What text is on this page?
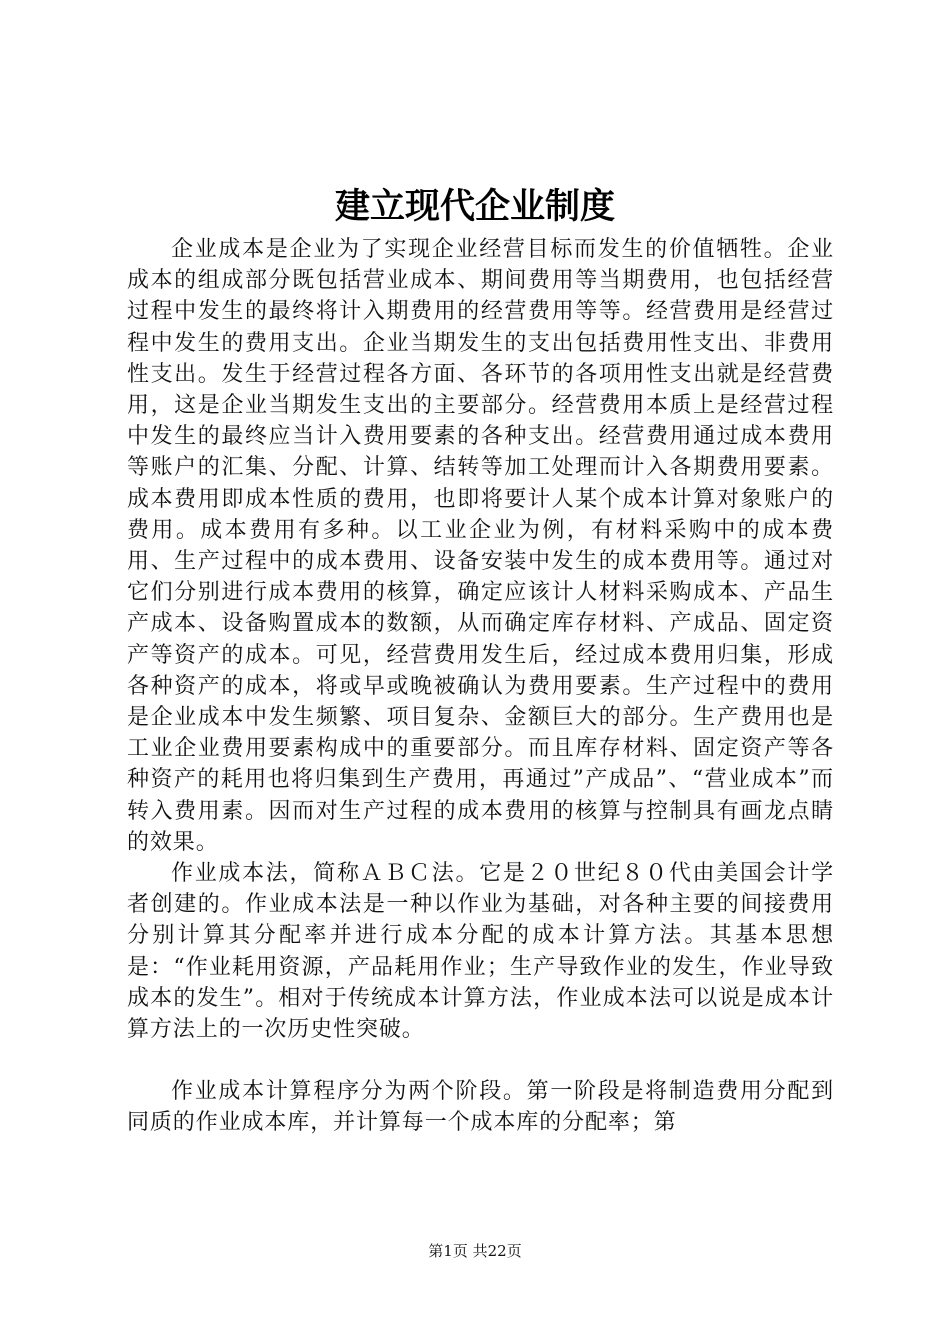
建立现代企业制度

企业成本是企业为了实现企业经营目标而发生的价值牺牲。企业成本的组成部分既包括营业成本、期间费用等当期费用，也包括经营过程中发生的最终将计入期费用的经营费用等等。经营费用是经营过程中发生的费用支出。企业当期发生的支出包括费用性支出、非费用性支出。发生于经营过程各方面、各环节的各项用性支出就是经营费用，这是企业当期发生支出的主要部分。经营费用本质上是经营过程中发生的最终应当计入费用要素的各种支出。经营费用通过成本费用等账户的汇集、分配、计算、结转等加工处理而计入各期费用要素。成本费用即成本性质的费用，也即将要计人某个成本计算对象账户的费用。成本费用有多种。以工业企业为例，有材料采购中的成本费用、生产过程中的成本费用、设备安装中发生的成本费用等。通过对它们分别进行成本费用的核算，确定应该计人材料采购成本、产品生产成本、设备购置成本的数额，从而确定库存材料、产成品、固定资产等资产的成本。可见，经营费用发生后，经过成本费用归集，形成各种资产的成本，将或早或晚被确认为费用要素。生产过程中的费用是企业成本中发生频繁、项目复杂、金额巨大的部分。生产费用也是工业企业费用要素构成中的重要部分。而且库存材料、固定资产等各种资产的耗用也将归集到生产费用，再通过”产成品”、“营业成本”而转入费用素。因而对生产过程的成本费用的核算与控制具有画龙点睛的效果。

作业成本法，简称ＡＢＣ法。它是２０世纪８０代由美国会计学者创建的。作业成本法是一种以作业为基础，对各种主要的间接费用分别计算其分配率并进行成本分配的成本计算方法。其基本思想是：“作业耗用资源，产品耗用作业；生产导致作业的发生，作业导致成本的发生”。相对于传统成本计算方法，作业成本法可以说是成本计算方法上的一次历史性突破。

作业成本计算程序分为两个阶段。第一阶段是将制造费用分配到同质的作业成本库，并计算每一个成本库的分配率；第

第1页 共22页
